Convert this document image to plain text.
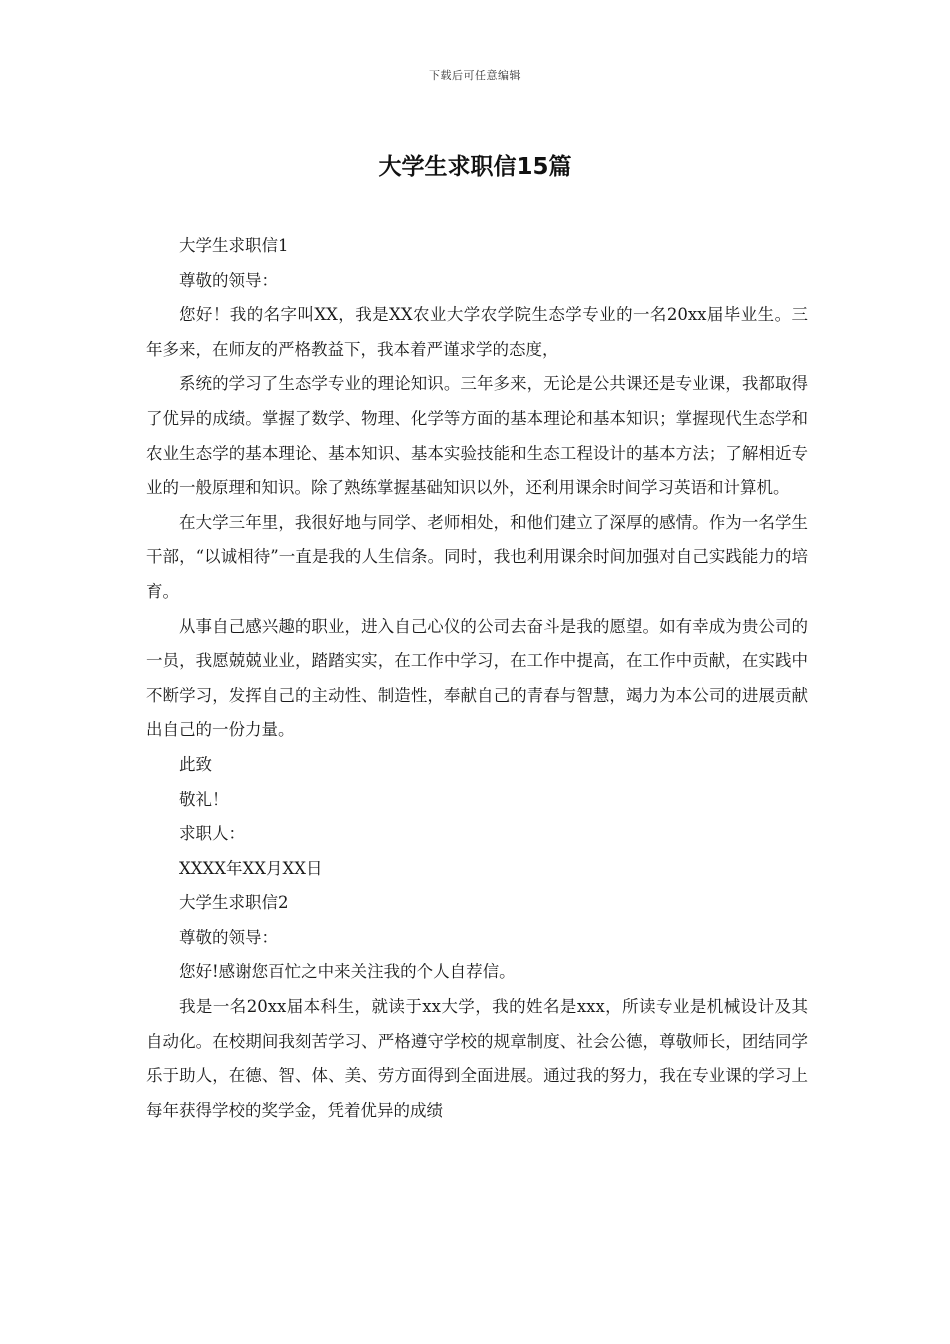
下载后可任意编辑
大学生求职信15篇

大学生求职信1

尊敬的领导：

您好！我的名字叫XX，我是XX农业大学农学院生态学专业的一名20xx届毕业生。三年多来，在师友的严格教益下，我本着严谨求学的态度，

系统的学习了生态学专业的理论知识。三年多来，无论是公共课还是专业课，我都取得了优异的成绩。掌握了数学、物理、化学等方面的基本理论和基本知识；掌握现代生态学和农业生态学的基本理论、基本知识、基本实验技能和生态工程设计的基本方法；了解相近专业的一般原理和知识。除了熟练掌握基础知识以外，还利用课余时间学习英语和计算机。

在大学三年里，我很好地与同学、老师相处，和他们建立了深厚的感情。作为一名学生干部，“以诚相待”一直是我的人生信条。同时，我也利用课余时间加强对自己实践能力的培育。

从事自己感兴趣的职业，进入自己心仪的公司去奋斗是我的愿望。如有幸成为贵公司的一员，我愿兢兢业业，踏踏实实，在工作中学习，在工作中提高，在工作中贡献，在实践中不断学习，发挥自己的主动性、制造性，奉献自己的青春与智慧，竭力为本公司的进展贡献出自己的一份力量。

此致

敬礼！

求职人：

XXXX年XX月XX日

大学生求职信2

尊敬的领导：

您好!感谢您百忙之中来关注我的个人自荐信。

我是一名20xx届本科生，就读于xx大学，我的姓名是xxx，所读专业是机械设计及其自动化。在校期间我刻苦学习、严格遵守学校的规章制度、社会公德，尊敬师长，团结同学乐于助人，在德、智、体、美、劳方面得到全面进展。通过我的努力，我在专业课的学习上每年获得学校的奖学金，凭着优异的成绩
